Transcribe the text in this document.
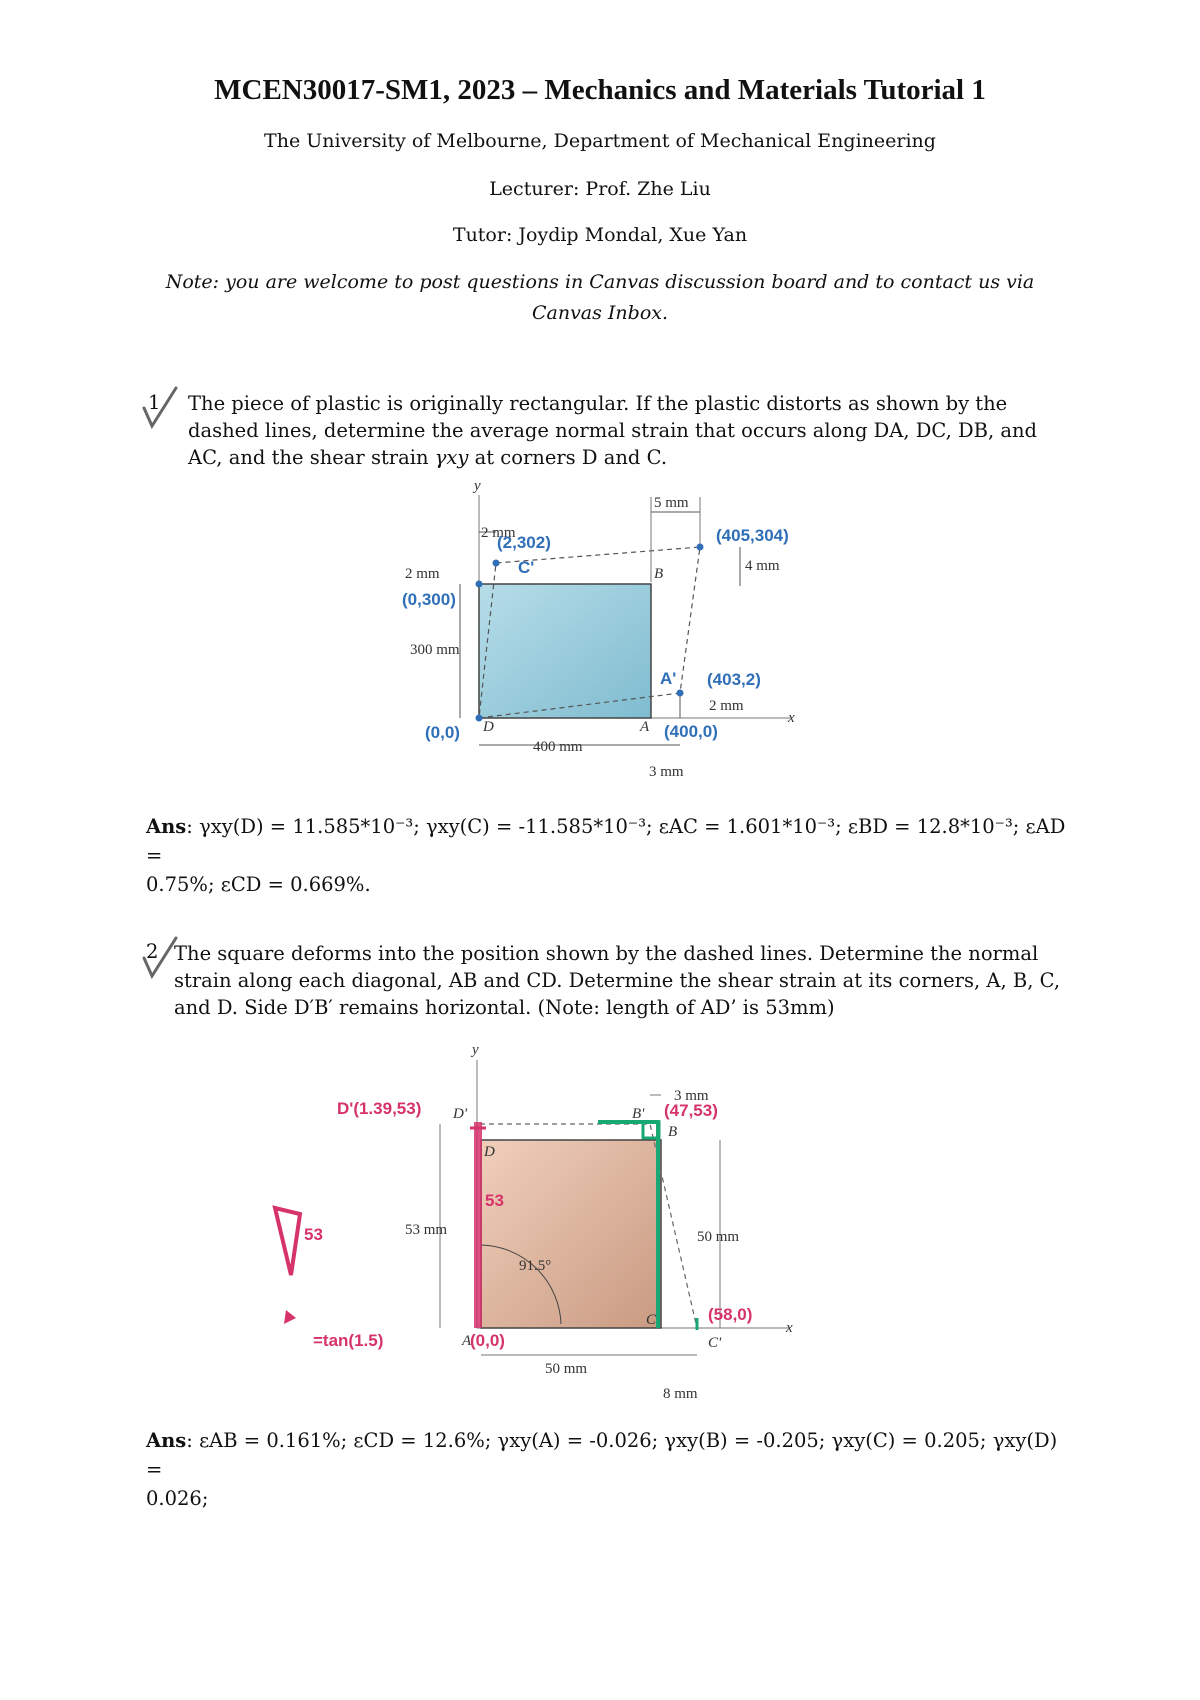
MCEN30017-SM1, 2023 – Mechanics and Materials Tutorial 1
The University of Melbourne, Department of Mechanical Engineering
Lecturer: Prof. Zhe Liu
Tutor: Joydip Mondal, Xue Yan
Note: you are welcome to post questions in Canvas discussion board and to contact us via
Canvas Inbox.
1 The piece of plastic is originally rectangular. If the plastic distorts as shown by the
dashed lines, determine the average normal strain that occurs along DA, DC, DB, and
AC, and the shear strain γxy at corners D and C.
y
x
2 mm
5 mm
4 mm
2 mm
300 mm
2 mm
400 mm
3 mm
B
D	A
(2,302)
C'
(405,304)
(0,300)
A' (403,2)
(0,0)	(400,0)
Ans: γxy(D) = 11.585*10⁻³; γxy(C) = -11.585*10⁻³; εAC = 1.601*10⁻³; εBD = 12.8*10⁻³; εAD =
0.75%; εCD = 0.669%.
2 The square deforms into the position shown by the dashed lines. Determine the normal
strain along each diagonal, AB and CD. Determine the shear strain at its corners, A, B, C,
and D. Side D′B′ remains horizontal. (Note: length of AD’ is 53mm)
y
x
3 mm
53 mm	50 mm
91.5°
50 mm
8 mm
D'
D
B'
B
C
C'
A
D'(1.39,53)
53
53
=tan(1.5)	(0,0)
(47,53)
(58,0)
Ans: εAB = 0.161%; εCD = 12.6%; γxy(A) = -0.026; γxy(B) = -0.205; γxy(C) = 0.205; γxy(D) =
0.026;
